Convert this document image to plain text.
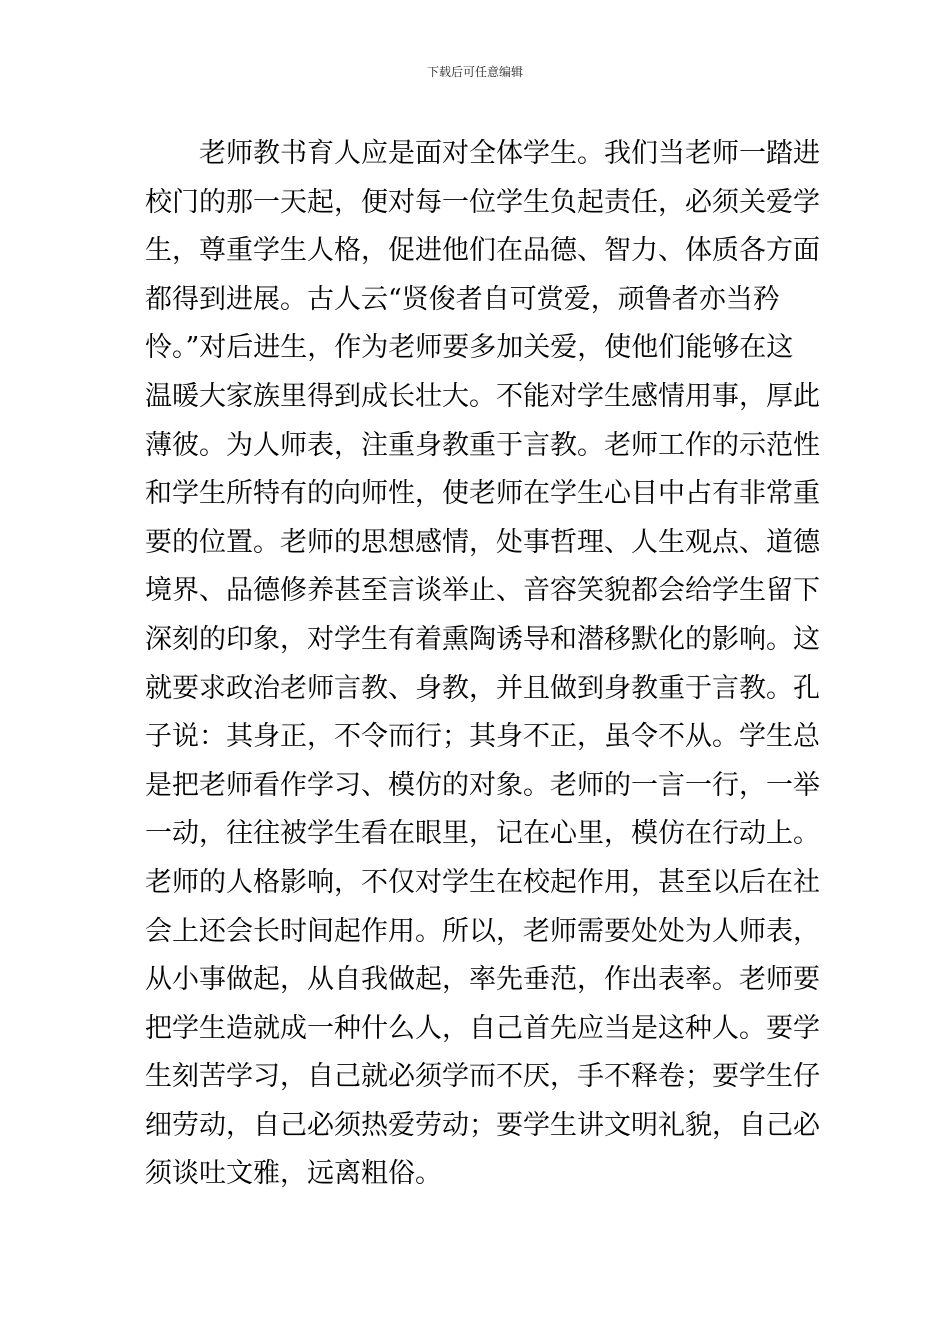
下载后可任意编辑
老师教书育人应是面对全体学生。我们当老师一踏进
校门的那一天起，便对每一位学生负起责任，必须关爱学
生，尊重学生人格，促进他们在品德、智力、体质各方面
都得到进展。古人云“贤俊者自可赏爱，顽鲁者亦当矜
怜。”对后进生，作为老师要多加关爱，使他们能够在这
温暖大家族里得到成长壮大。不能对学生感情用事，厚此
薄彼。为人师表，注重身教重于言教。老师工作的示范性
和学生所特有的向师性，使老师在学生心目中占有非常重
要的位置。老师的思想感情，处事哲理、人生观点、道德
境界、品德修养甚至言谈举止、音容笑貌都会给学生留下
深刻的印象，对学生有着熏陶诱导和潜移默化的影响。这
就要求政治老师言教、身教，并且做到身教重于言教。孔
子说：其身正，不令而行；其身不正，虽令不从。学生总
是把老师看作学习、模仿的对象。老师的一言一行，一举
一动，往往被学生看在眼里，记在心里，模仿在行动上。
老师的人格影响，不仅对学生在校起作用，甚至以后在社
会上还会长时间起作用。所以，老师需要处处为人师表，
从小事做起，从自我做起，率先垂范，作出表率。老师要
把学生造就成一种什么人，自己首先应当是这种人。要学
生刻苦学习，自己就必须学而不厌，手不释卷；要学生仔
细劳动，自己必须热爱劳动；要学生讲文明礼貌，自己必
须谈吐文雅，远离粗俗。
